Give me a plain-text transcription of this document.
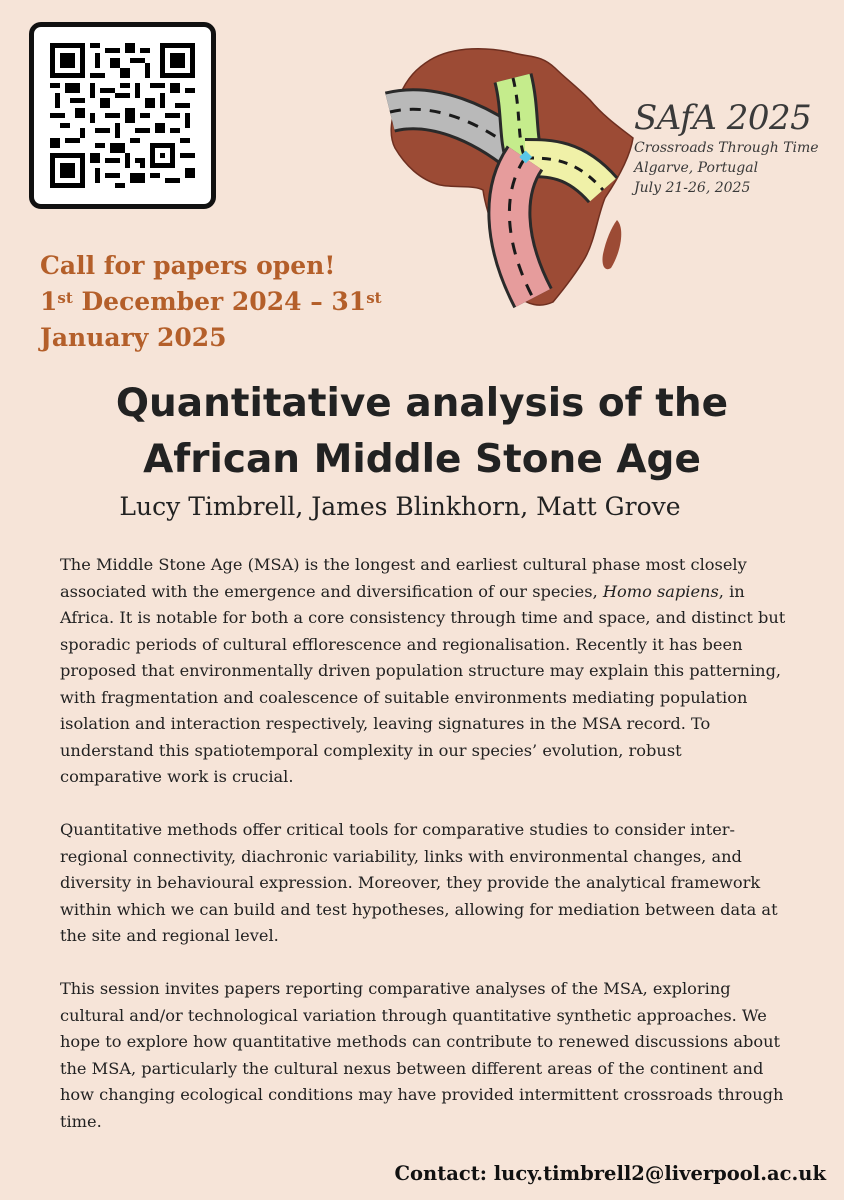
SAfA 2025
Crossroads Through Time
Algarve, Portugal
July 21-26, 2025
Call for papers open!
1st December 2024 – 31st
January 2025
Quantitative analysis of the
African Middle Stone Age
Lucy Timbrell, James Blinkhorn, Matt Grove

The Middle Stone Age (MSA) is the longest and earliest cultural phase most closely associated with the emergence and diversification of our species, Homo sapiens, in Africa. It is notable for both a core consistency through time and space, and distinct but sporadic periods of cultural efflorescence and regionalisation. Recently it has been proposed that environmentally driven population structure may explain this patterning, with fragmentation and coalescence of suitable environments mediating population isolation and interaction respectively, leaving signatures in the MSA record. To understand this spatiotemporal complexity in our species’ evolution, robust comparative work is crucial.

Quantitative methods offer critical tools for comparative studies to consider inter-regional connectivity, diachronic variability, links with environmental changes, and diversity in behavioural expression. Moreover, they provide the analytical framework within which we can build and test hypotheses, allowing for mediation between data at the site and regional level.

This session invites papers reporting comparative analyses of the MSA, exploring cultural and/or technological variation through quantitative synthetic approaches. We hope to explore how quantitative methods can contribute to renewed discussions about the MSA, particularly the cultural nexus between different areas of the continent and how changing ecological conditions may have provided intermittent crossroads through time.

Contact: lucy.timbrell2@liverpool.ac.uk
